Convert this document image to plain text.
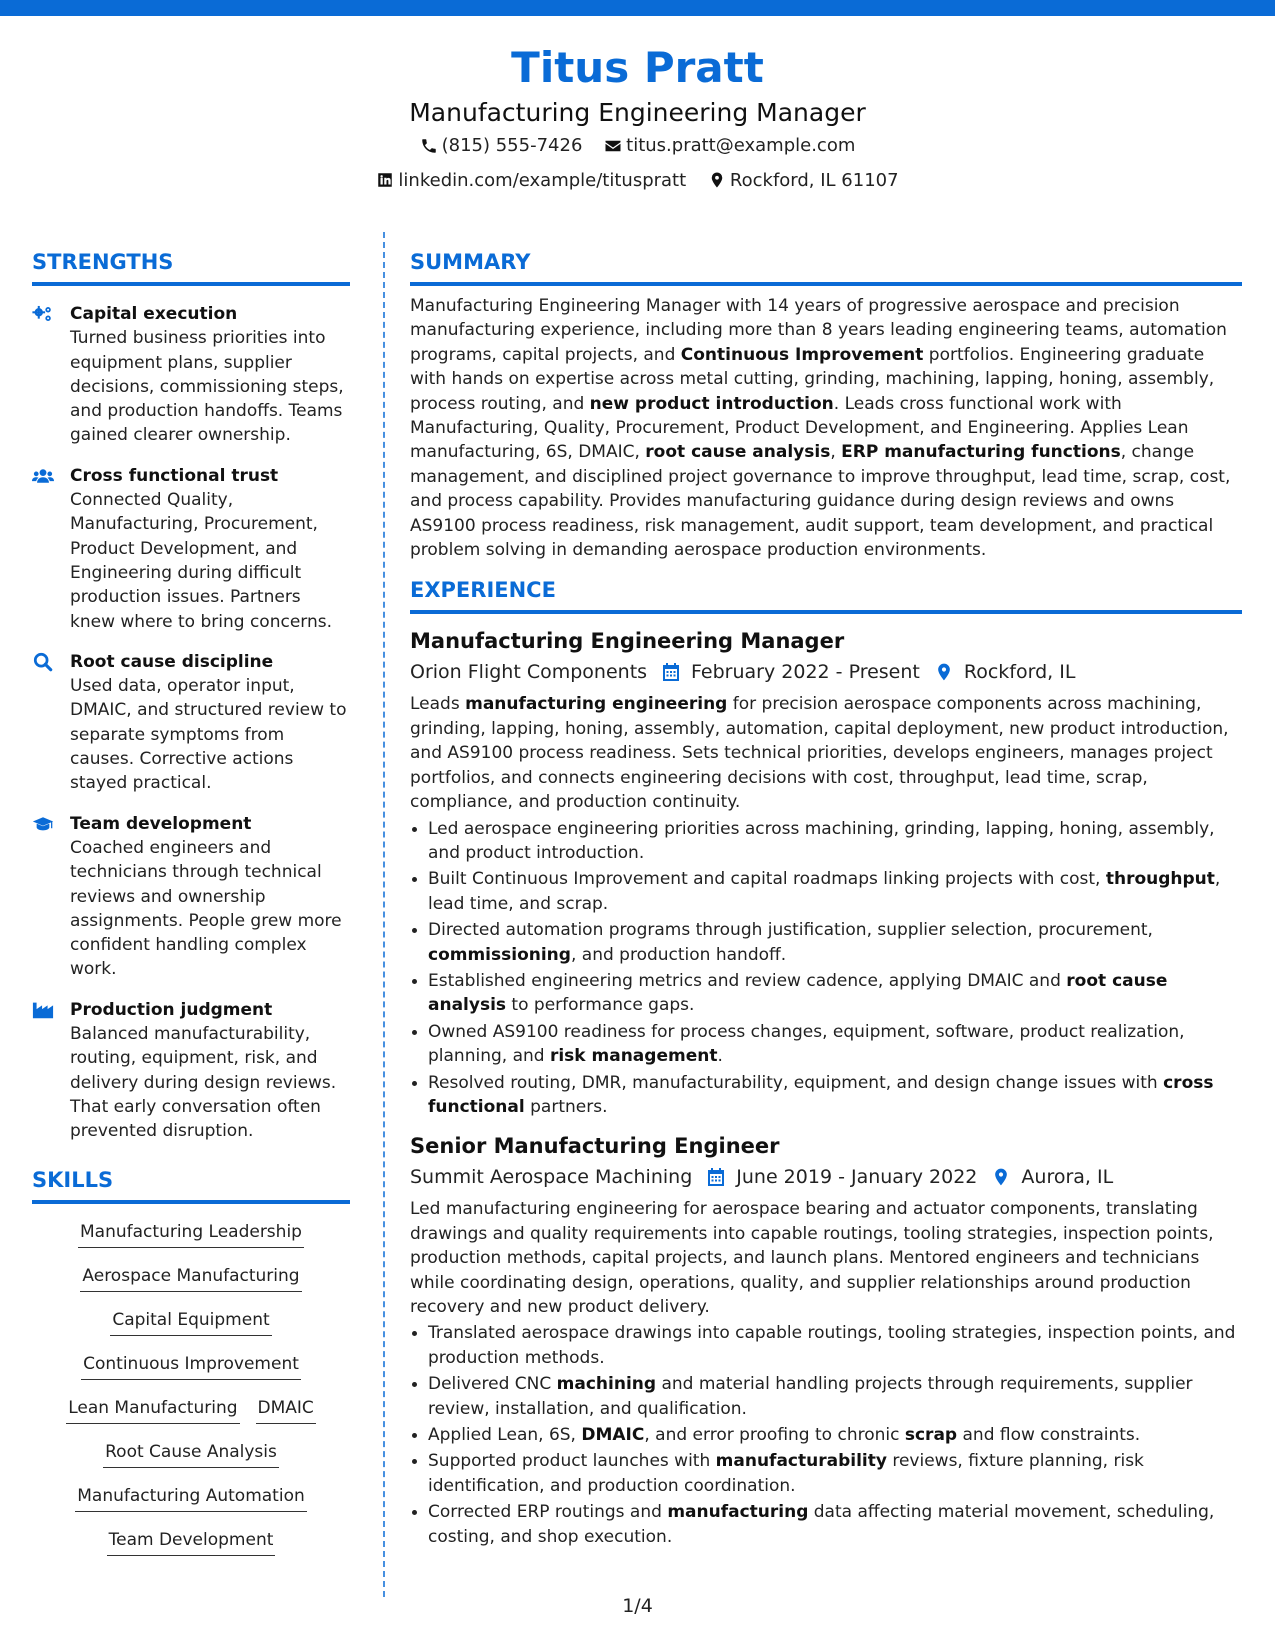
Titus Pratt
Manufacturing Engineering Manager
(815) 555-7426
titus.pratt@example.com
linkedin.com/example/tituspratt
Rockford, IL 61107
STRENGTHS
Capital execution
Turned business priorities into equipment plans, supplier decisions, commissioning steps, and production handoffs. Teams gained clearer ownership.
Cross functional trust
Connected Quality, Manufacturing, Procurement, Product Development, and Engineering during difficult production issues. Partners knew where to bring concerns.
Root cause discipline
Used data, operator input, DMAIC, and structured review to separate symptoms from causes. Corrective actions stayed practical.
Team development
Coached engineers and technicians through technical reviews and ownership assignments. People grew more confident handling complex work.
Production judgment
Balanced manufacturability, routing, equipment, risk, and delivery during design reviews. That early conversation often prevented disruption.
SKILLS
Manufacturing Leadership
Aerospace Manufacturing
Capital Equipment
Continuous Improvement
Lean Manufacturing DMAIC
Root Cause Analysis
Manufacturing Automation
Team Development
SUMMARY

Manufacturing Engineering Manager with 14 years of progressive aerospace and precision manufacturing experience, including more than 8 years leading engineering teams, automation programs, capital projects, and Continuous Improvement portfolios. Engineering graduate with hands on expertise across metal cutting, grinding, machining, lapping, honing, assembly, process routing, and new product introduction. Leads cross functional work with Manufacturing, Quality, Procurement, Product Development, and Engineering. Applies Lean manufacturing, 6S, DMAIC, root cause analysis, ERP manufacturing functions, change management, and disciplined project governance to improve throughput, lead time, scrap, cost, and process capability. Provides manufacturing guidance during design reviews and owns AS9100 process readiness, risk management, audit support, team development, and practical problem solving in demanding aerospace production environments.

EXPERIENCE
Manufacturing Engineering Manager
Orion Flight Components February 2022 - Present Rockford, IL

Leads manufacturing engineering for precision aerospace components across machining, grinding, lapping, honing, assembly, automation, capital deployment, new product introduction, and AS9100 process readiness. Sets technical priorities, develops engineers, manages project portfolios, and connects engineering decisions with cost, throughput, lead time, scrap, compliance, and production continuity.

• Led aerospace engineering priorities across machining, grinding, lapping, honing, assembly, and product introduction.
• Built Continuous Improvement and capital roadmaps linking projects with cost, throughput, lead time, and scrap.
• Directed automation programs through justification, supplier selection, procurement, commissioning, and production handoff.
• Established engineering metrics and review cadence, applying DMAIC and root cause analysis to performance gaps.
• Owned AS9100 readiness for process changes, equipment, software, product realization, planning, and risk management.
• Resolved routing, DMR, manufacturability, equipment, and design change issues with cross functional partners.
Senior Manufacturing Engineer
Summit Aerospace Machining June 2019 - January 2022 Aurora, IL

Led manufacturing engineering for aerospace bearing and actuator components, translating drawings and quality requirements into capable routings, tooling strategies, inspection points, production methods, capital projects, and launch plans. Mentored engineers and technicians while coordinating design, operations, quality, and supplier relationships around production recovery and new product delivery.

• Translated aerospace drawings into capable routings, tooling strategies, inspection points, and production methods.
• Delivered CNC machining and material handling projects through requirements, supplier review, installation, and qualification.
• Applied Lean, 6S, DMAIC, and error proofing to chronic scrap and flow constraints.
• Supported product launches with manufacturability reviews, fixture planning, risk identification, and production coordination.
• Corrected ERP routings and manufacturing data affecting material movement, scheduling, costing, and shop execution.
1/4
